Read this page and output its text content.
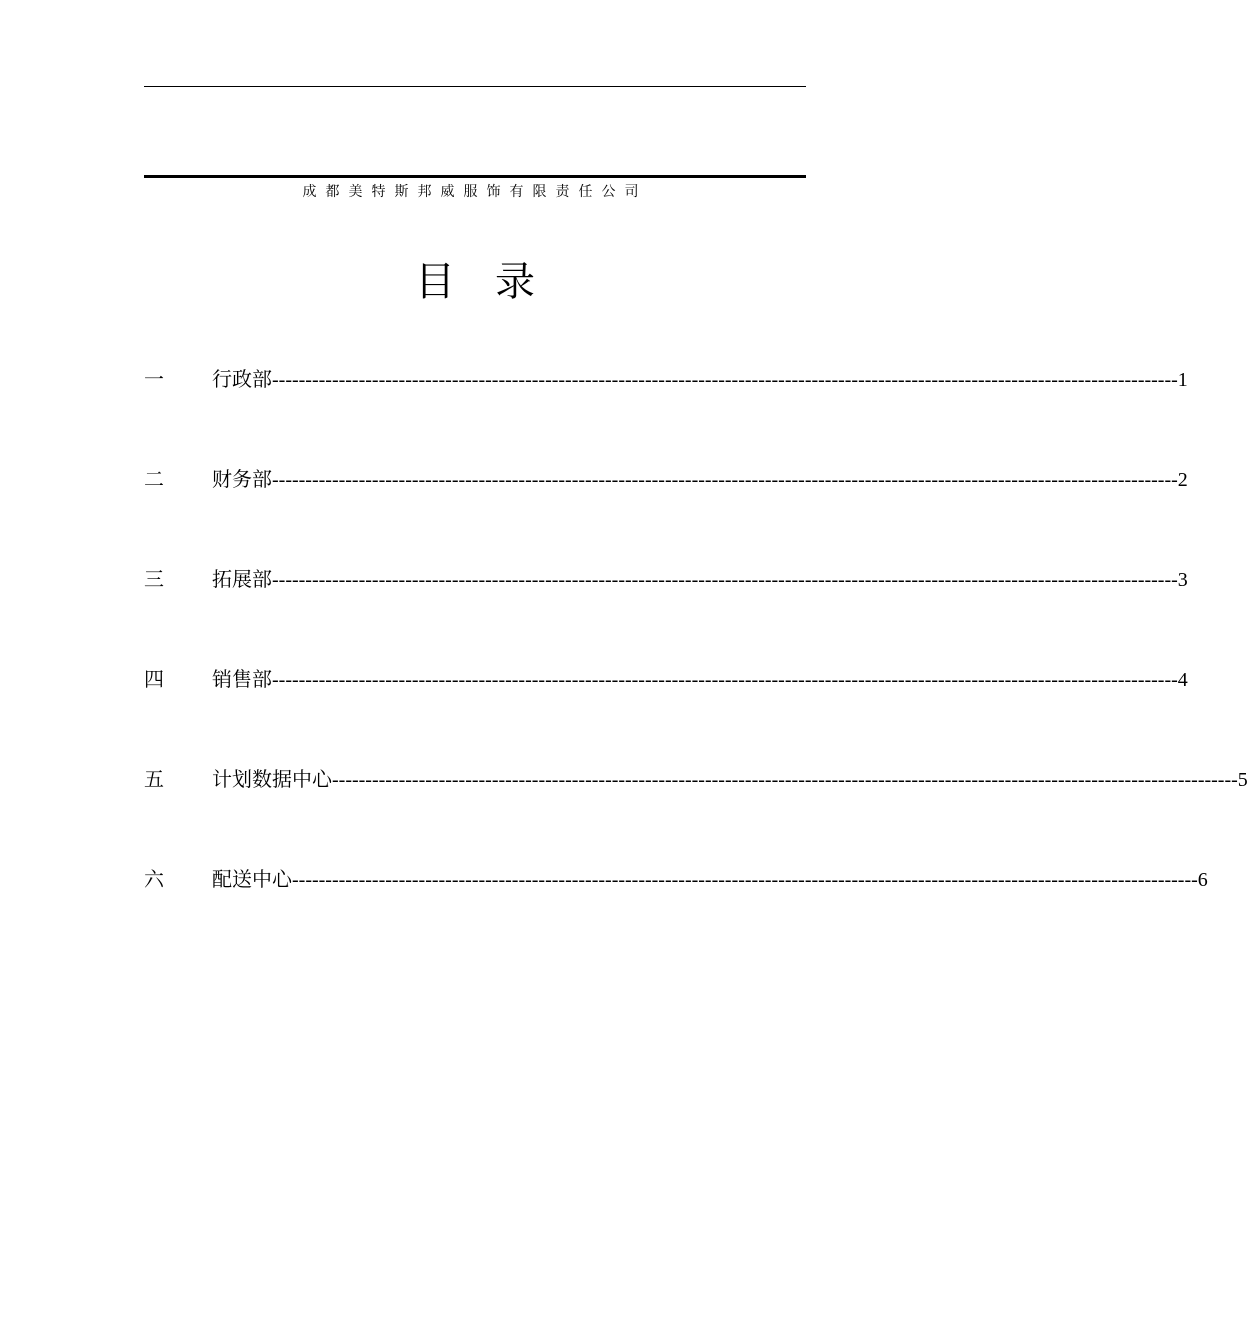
成都美特斯邦威服饰有限责任公司
目 录
一 行政部 ---------------------------------------------------------------------------------------------------------------------------------------- 1
二 财务部 ---------------------------------------------------------------------------------------------------------------------------------------- 2
三 拓展部 ---------------------------------------------------------------------------------------------------------------------------------------- 3
四 销售部 ---------------------------------------------------------------------------------------------------------------------------------------- 4
五 计划数据中心 ---------------------------------------------------------------------------------------------------------------------------------------- 5
六 配送中心 ---------------------------------------------------------------------------------------------------------------------------------------- 6
